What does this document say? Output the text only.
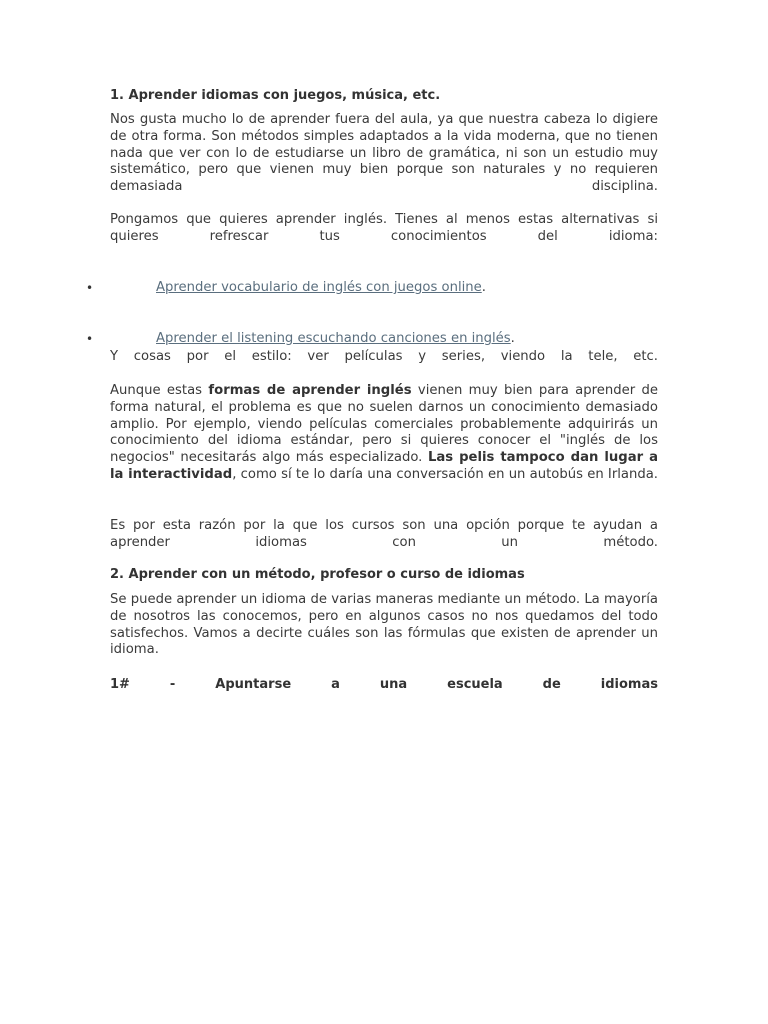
1. Aprender idiomas con juegos, música, etc.

Nos gusta mucho lo de aprender fuera del aula, ya que nuestra cabeza lo digiere de otra forma. Son métodos simples adaptados a la vida moderna, que no tienen nada que ver con lo de estudiarse un libro de gramática, ni son un estudio muy sistemático, pero que vienen muy bien porque son naturales y no requieren demasiada disciplina.

Pongamos que quieres aprender inglés. Tienes al menos estas alternativas si quieres refrescar tus conocimientos del idioma:

•	Aprender vocabulario de inglés con juegos online.
•	Aprender el listening escuchando canciones en inglés.

Y cosas por el estilo: ver películas y series, viendo la tele, etc.

Aunque estas formas de aprender inglés vienen muy bien para aprender de forma natural, el problema es que no suelen darnos un conocimiento demasiado amplio. Por ejemplo, viendo películas comerciales probablemente adquirirás un conocimiento del idioma estándar, pero si quieres conocer el "inglés de los negocios" necesitarás algo más especializado. Las pelis tampoco dan lugar a la interactividad, como sí te lo daría una conversación en un autobús en Irlanda.

Es por esta razón por la que los cursos son una opción porque te ayudan a aprender idiomas con un método.

2. Aprender con un método, profesor o curso de idiomas

Se puede aprender un idioma de varias maneras mediante un método. La mayoría de nosotros las conocemos, pero en algunos casos no nos quedamos del todo satisfechos. Vamos a decirte cuáles son las fórmulas que existen de aprender un idioma.

1# - Apuntarse a una escuela de idiomas
